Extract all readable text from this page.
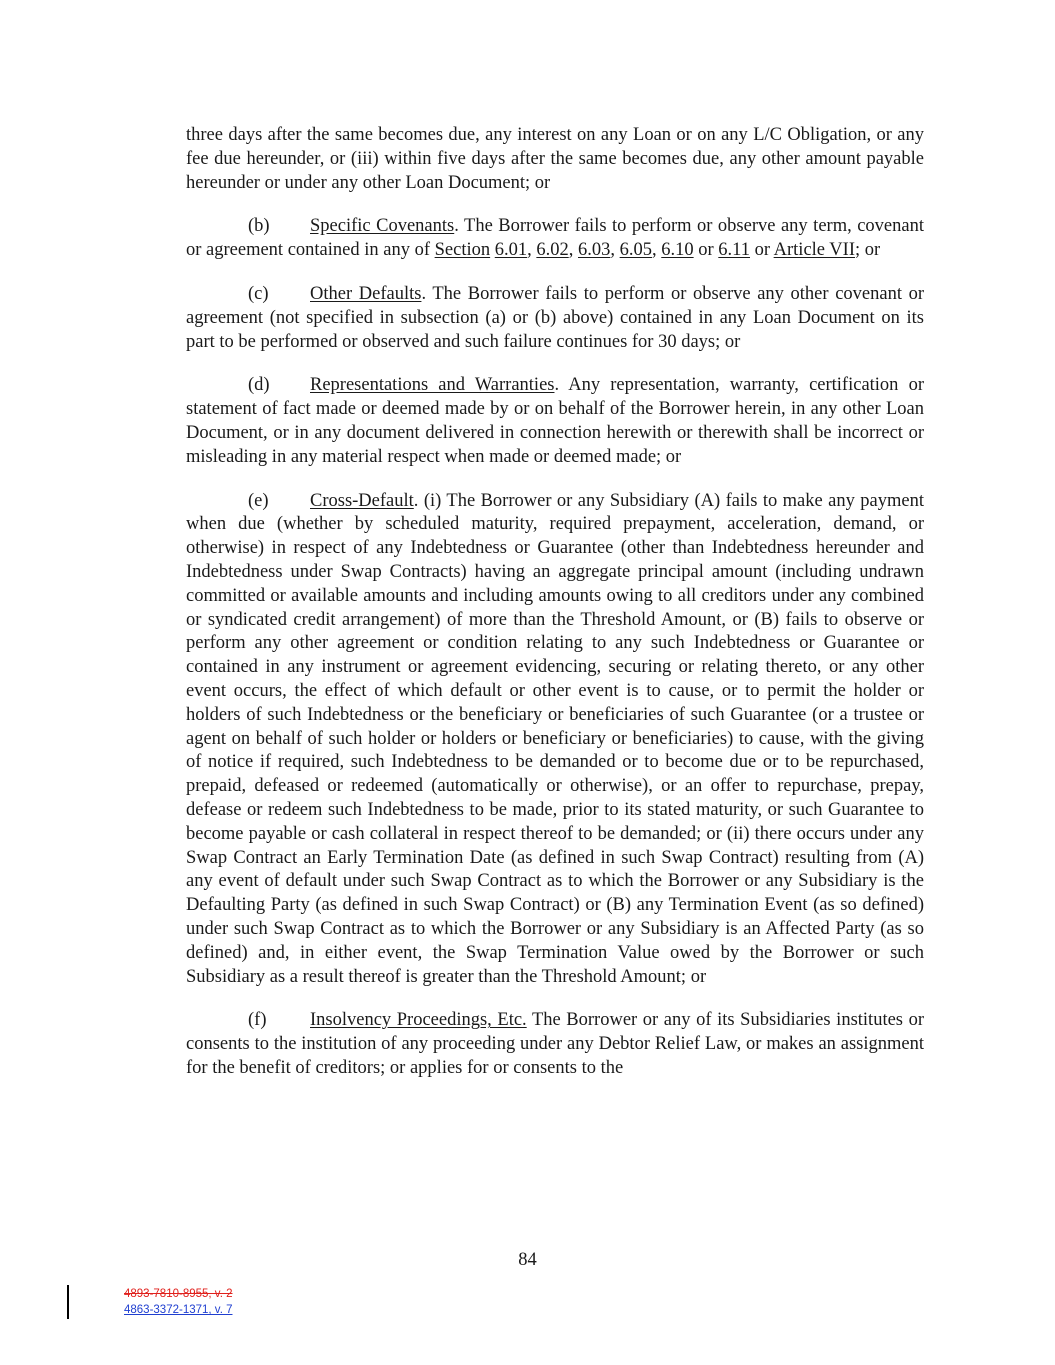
three days after the same becomes due, any interest on any Loan or on any L/C Obligation, or any fee due hereunder, or (iii) within five days after the same becomes due, any other amount payable hereunder or under any other Loan Document; or

(b) Specific Covenants. The Borrower fails to perform or observe any term, covenant or agreement contained in any of Section 6.01, 6.02, 6.03, 6.05, 6.10 or 6.11 or Article VII; or

(c) Other Defaults. The Borrower fails to perform or observe any other covenant or agreement (not specified in subsection (a) or (b) above) contained in any Loan Document on its part to be performed or observed and such failure continues for 30 days; or

(d) Representations and Warranties. Any representation, warranty, certification or statement of fact made or deemed made by or on behalf of the Borrower herein, in any other Loan Document, or in any document delivered in connection herewith or therewith shall be incorrect or misleading in any material respect when made or deemed made; or

(e) Cross-Default. (i) The Borrower or any Subsidiary (A) fails to make any payment when due (whether by scheduled maturity, required prepayment, acceleration, demand, or otherwise) in respect of any Indebtedness or Guarantee (other than Indebtedness hereunder and Indebtedness under Swap Contracts) having an aggregate principal amount (including undrawn committed or available amounts and including amounts owing to all creditors under any combined or syndicated credit arrangement) of more than the Threshold Amount, or (B) fails to observe or perform any other agreement or condition relating to any such Indebtedness or Guarantee or contained in any instrument or agreement evidencing, securing or relating thereto, or any other event occurs, the effect of which default or other event is to cause, or to permit the holder or holders of such Indebtedness or the beneficiary or beneficiaries of such Guarantee (or a trustee or agent on behalf of such holder or holders or beneficiary or beneficiaries) to cause, with the giving of notice if required, such Indebtedness to be demanded or to become due or to be repurchased, prepaid, defeased or redeemed (automatically or otherwise), or an offer to repurchase, prepay, defease or redeem such Indebtedness to be made, prior to its stated maturity, or such Guarantee to become payable or cash collateral in respect thereof to be demanded; or (ii) there occurs under any Swap Contract an Early Termination Date (as defined in such Swap Contract) resulting from (A) any event of default under such Swap Contract as to which the Borrower or any Subsidiary is the Defaulting Party (as defined in such Swap Contract) or (B) any Termination Event (as so defined) under such Swap Contract as to which the Borrower or any Subsidiary is an Affected Party (as so defined) and, in either event, the Swap Termination Value owed by the Borrower or such Subsidiary as a result thereof is greater than the Threshold Amount; or

(f) Insolvency Proceedings, Etc. The Borrower or any of its Subsidiaries institutes or consents to the institution of any proceeding under any Debtor Relief Law, or makes an assignment for the benefit of creditors; or applies for or consents to the

84
4893-7810-8955, v. 2
4863-3372-1371, v. 7
